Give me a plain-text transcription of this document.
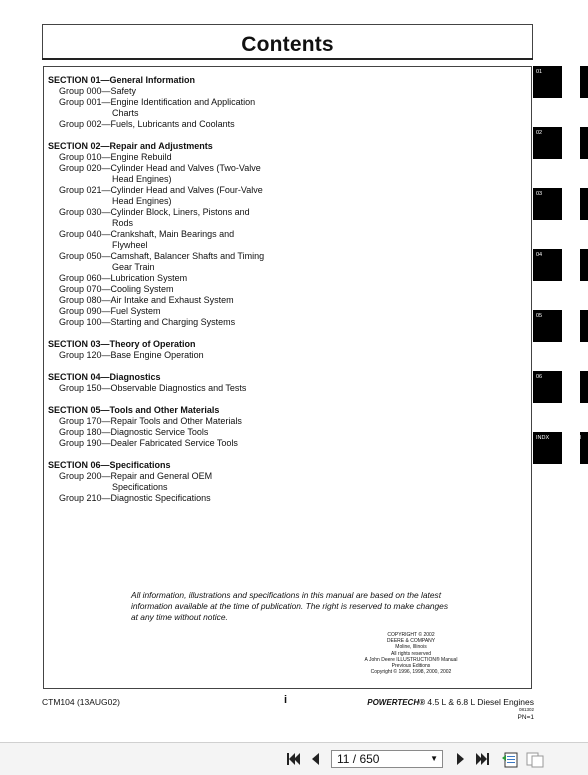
Contents
SECTION 01—General Information
Group 000—Safety
Group 001—Engine Identification and Application
Charts
Group 002—Fuels, Lubricants and Coolants
SECTION 02—Repair and Adjustments
Group 010—Engine Rebuild
Group 020—Cylinder Head and Valves (Two-Valve
Head Engines)
Group 021—Cylinder Head and Valves (Four-Valve
Head Engines)
Group 030—Cylinder Block, Liners, Pistons and
Rods
Group 040—Crankshaft, Main Bearings and
Flywheel
Group 050—Camshaft, Balancer Shafts and Timing
Gear Train
Group 060—Lubrication System
Group 070—Cooling System
Group 080—Air Intake and Exhaust System
Group 090—Fuel System
Group 100—Starting and Charging Systems
SECTION 03—Theory of Operation
Group 120—Base Engine Operation
SECTION 04—Diagnostics
Group 150—Observable Diagnostics and Tests
SECTION 05—Tools and Other Materials
Group 170—Repair Tools and Other Materials
Group 180—Diagnostic Service Tools
Group 190—Dealer Fabricated Service Tools
SECTION 06—Specifications
Group 200—Repair and General OEM
Specifications
Group 210—Diagnostic Specifications
All information, illustrations and specifications in this manual are based on the latest information available at the time of publication. The right is reserved to make changes at any time without notice.
COPYRIGHT © 2002
DEERE & COMPANY
Moline, Illinois
All rights reserved
A John Deere ILLUSTRUCTION® Manual
Previous Editions
Copyright © 1996, 1998, 2000, 2002
CTM104 (13AUG02)	i	POWERTECH® 4.5 L & 6.8 L Diesel Engines
081302
PN=1
01
02
03
04
05
06
INDX	I
11 / 650	▼
